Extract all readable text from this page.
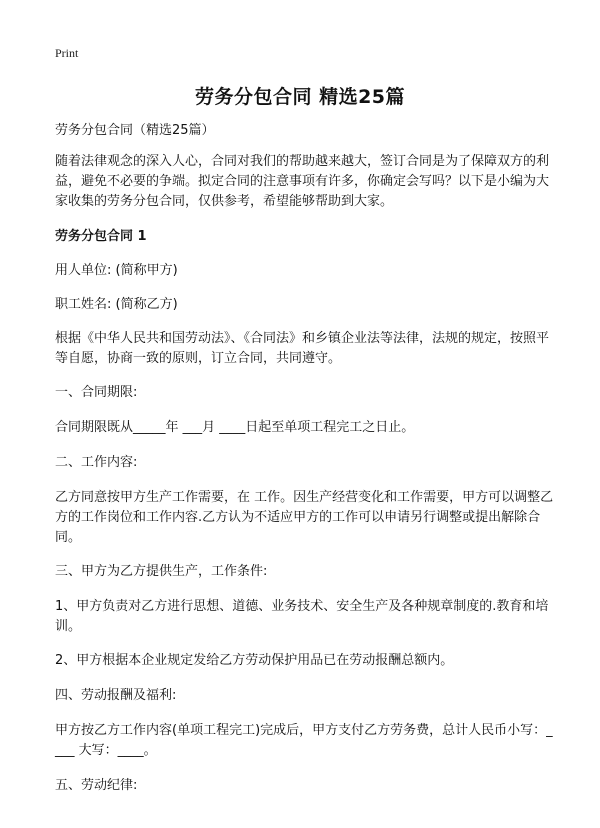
Print
劳务分包合同 精选25篇

劳务分包合同（精选25篇）

随着法律观念的深入人心，合同对我们的帮助越来越大，签订合同是为了保障双方的利益，避免不必要的争端。拟定合同的注意事项有许多，你确定会写吗？以下是小编为大家收集的劳务分包合同，仅供参考，希望能够帮助到大家。

劳务分包合同 1

用人单位: (简称甲方)

职工姓名: (简称乙方)

根据《中华人民共和国劳动法》、《合同法》和乡镇企业法等法律，法规的规定，按照平等自愿，协商一致的原则，订立合同，共同遵守。

一、合同期限:

合同期限既从_____年 ___月 ____日起至单项工程完工之日止。

二、工作内容:

乙方同意按甲方生产工作需要，在 工作。因生产经营变化和工作需要，甲方可以调整乙方的工作岗位和工作内容.乙方认为不适应甲方的工作可以申请另行调整或提出解除合同。

三、甲方为乙方提供生产，工作条件:

1、甲方负责对乙方进行思想、道德、业务技术、安全生产及各种规章制度的.教育和培训。

2、甲方根据本企业规定发给乙方劳动保护用品已在劳动报酬总额内。

四、劳动报酬及福利:

甲方按乙方工作内容(单项工程完工)完成后，甲方支付乙方劳务费，总计人民币小写：____ 大写：____。

五、劳动纪律:
